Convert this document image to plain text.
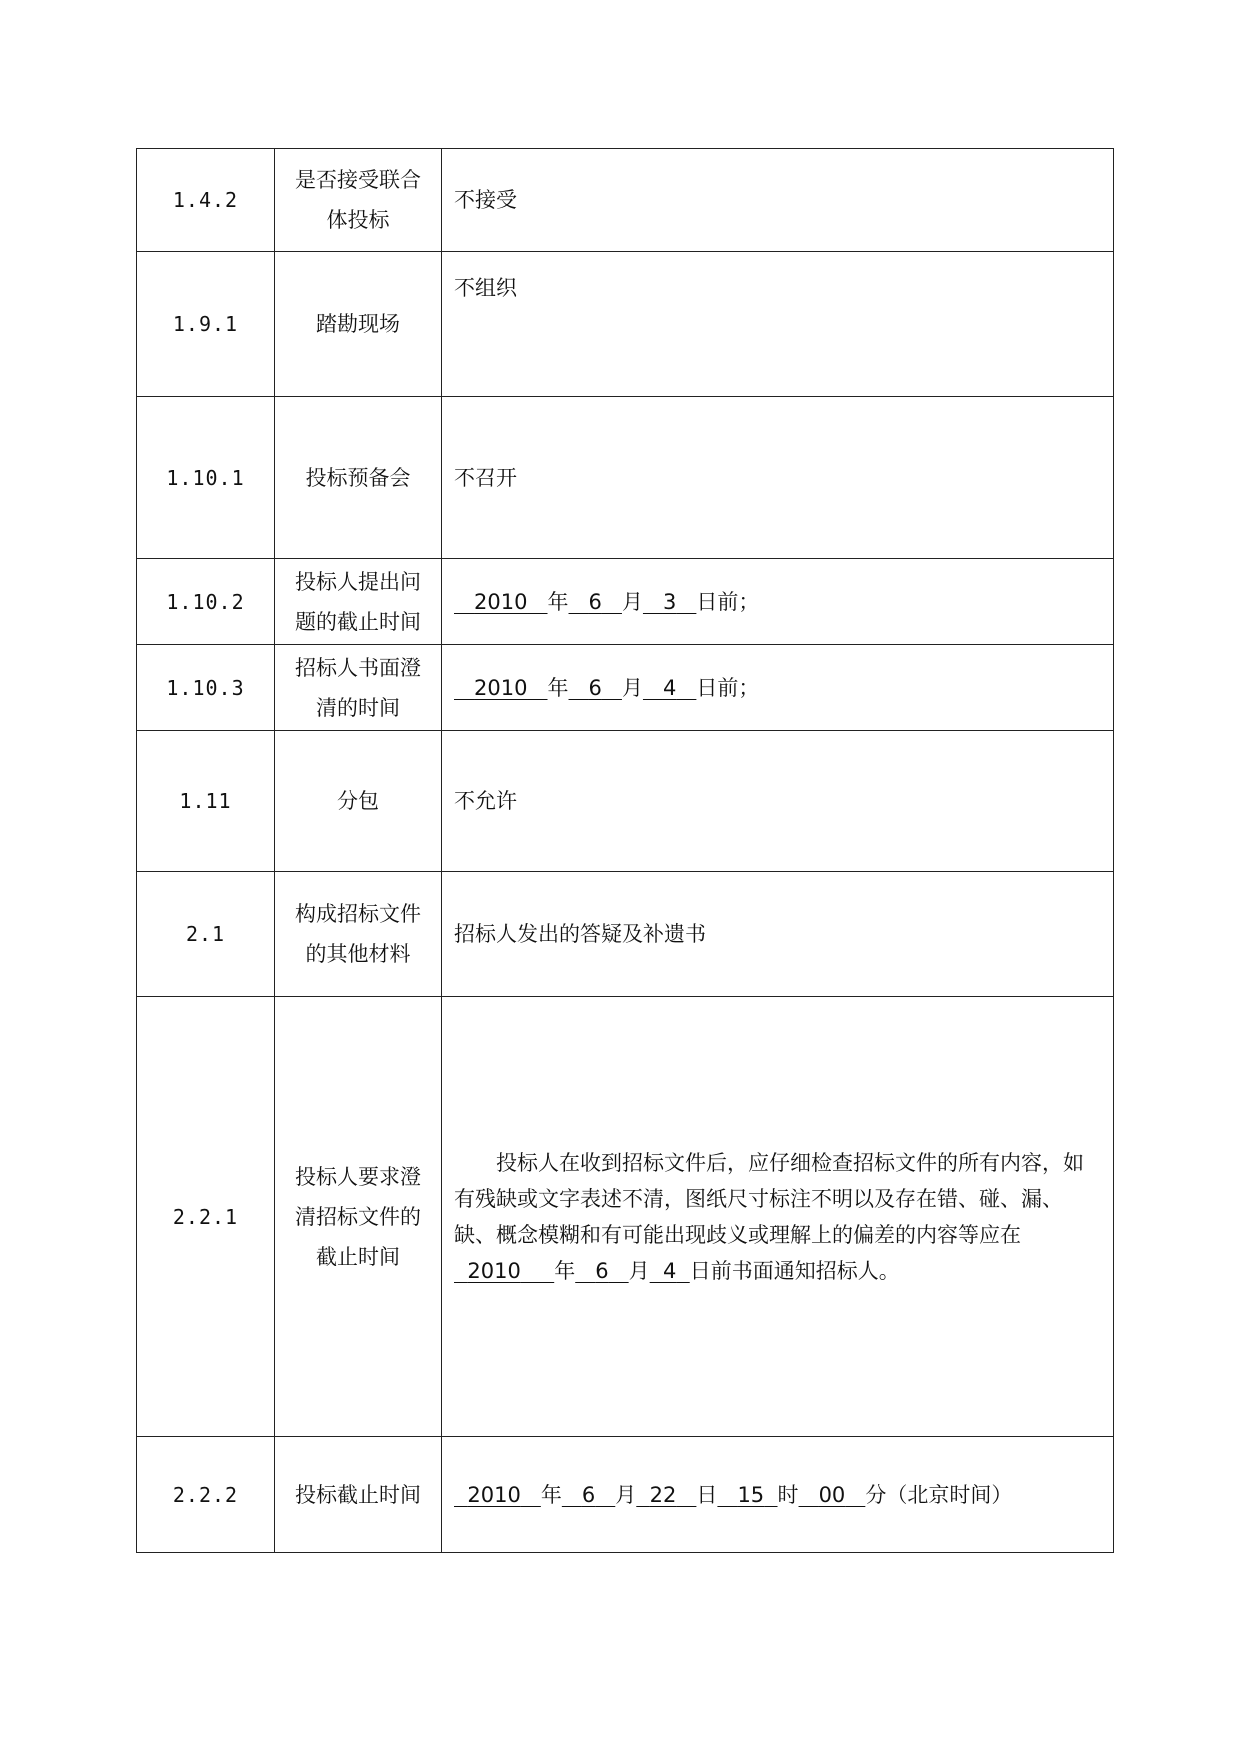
1.4.2	是否接受联合体投标	不接受
1.9.1	踏勘现场	不组织
1.10.1	投标预备会	不召开
1.10.2	投标人提出问题的截止时间	2010 年 6 月 3 日前；
1.10.3	招标人书面澄清的时间	2010 年 6 月 4 日前；
1.11	分包	不允许
2.1	构成招标文件的其他材料	招标人发出的答疑及补遗书
2.2.1	投标人要求澄清招标文件的截止时间	投标人在收到招标文件后，应仔细检查招标文件的所有内容，如有残缺或文字表述不清，图纸尺寸标注不明以及存在错、碰、漏、缺、概念模糊和有可能出现歧义或理解上的偏差的内容等应在  2010 年 6 月 4 日前书面通知招标人。

2.2.2	投标截止时间	2010 年 6 月 22 日 15 时 00 分（北京时间）
